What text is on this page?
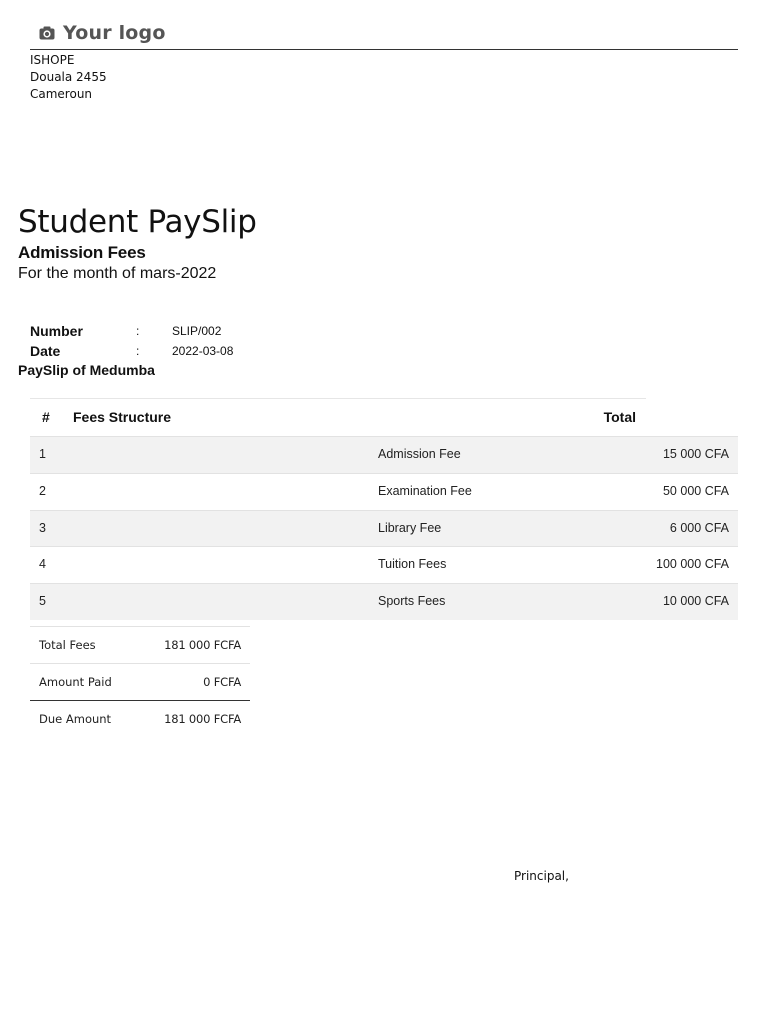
Your logo
ISHOPE
Douala 2455
Cameroun
Student PaySlip
Admission Fees
For the month of mars-2022
Number	:	SLIP/002
Date	:	2022-03-08
PaySlip of Medumba
# Fees Structure	Total
1	Admission Fee	15 000 CFA
2	Examination Fee	50 000 CFA
3	Library Fee	6 000 CFA
4	Tuition Fees	100 000 CFA
5	Sports Fees	10 000 CFA
Total Fees	181 000 FCFA
Amount Paid	0 FCFA
Due Amount	181 000 FCFA
Principal,
